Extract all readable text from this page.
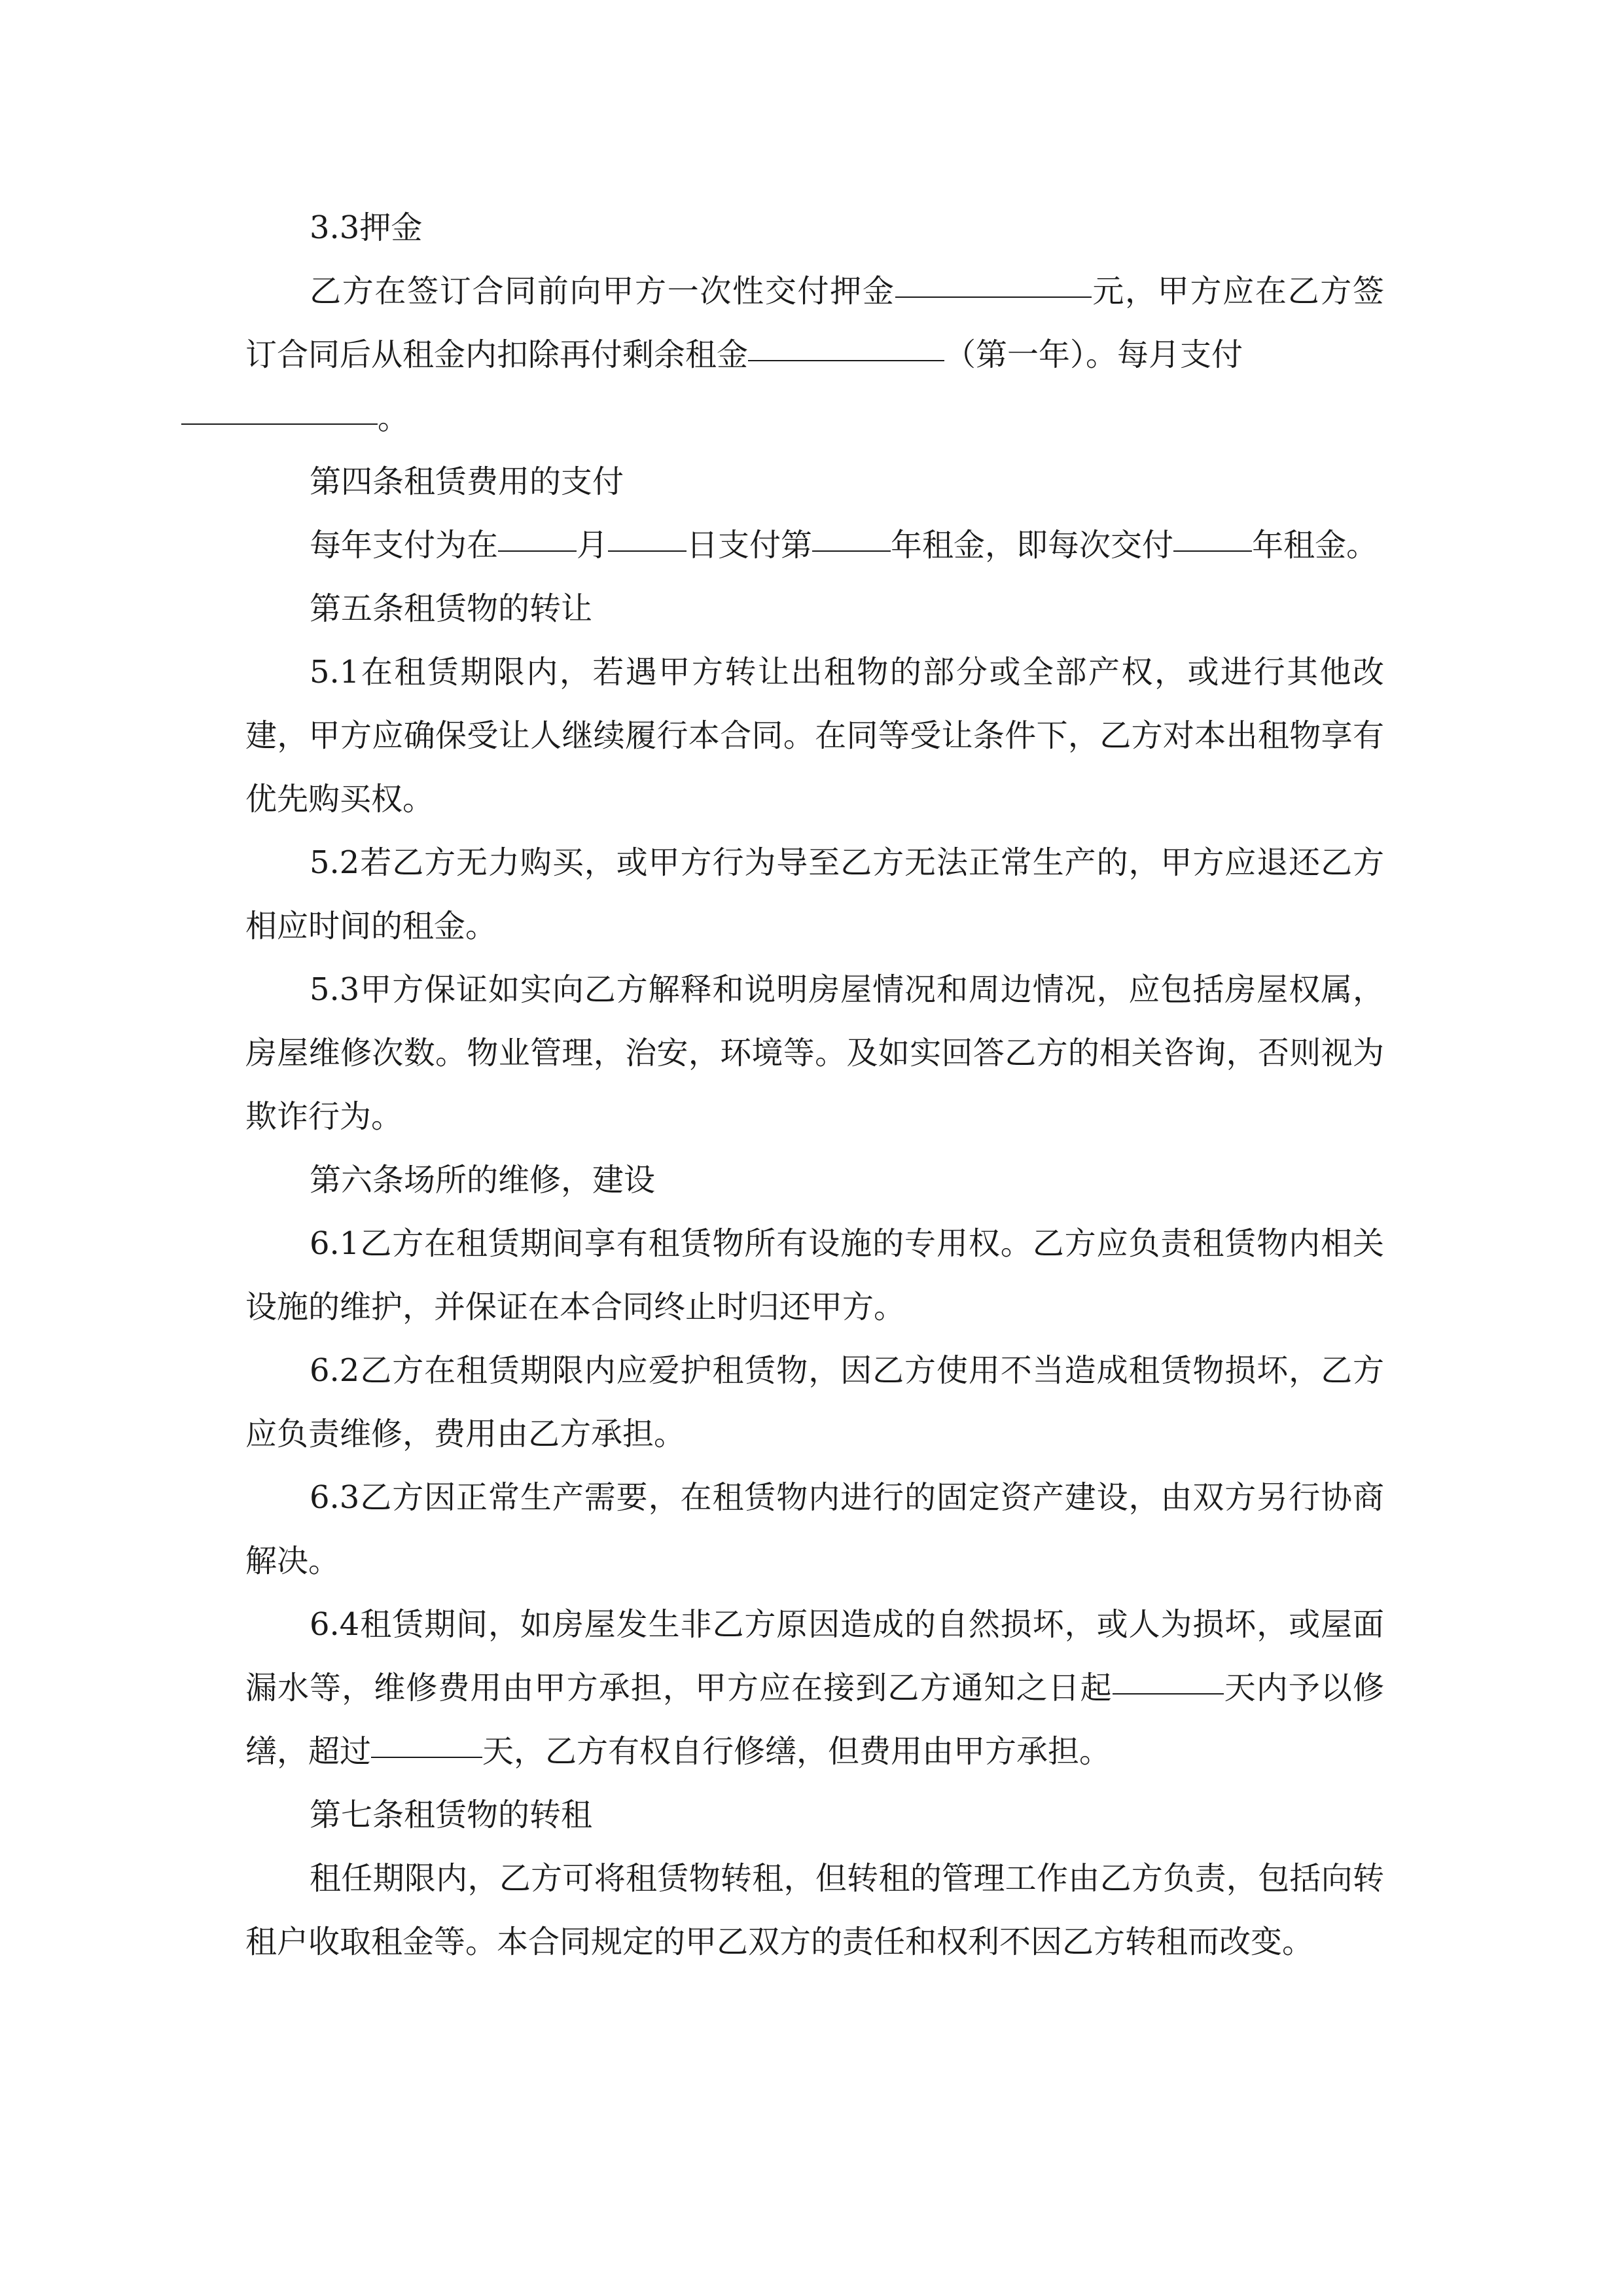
3.3押金

乙方在签订合同前向甲方一次性交付押金	元，甲方应在乙方签订合同后从租金内扣除再付剩余租金	（第一年）。每月支付
。

第四条租赁费用的支付

每年支付为在	月	日支付第	年租金，即每次交付	年租金。

第五条租赁物的转让

5.1在租赁期限内，若遇甲方转让出租物的部分或全部产权，或进行其他改建，甲方应确保受让人继续履行本合同。在同等受让条件下，乙方对本出租物享有优先购买权。

5.2若乙方无力购买，或甲方行为导至乙方无法正常生产的，甲方应退还乙方相应时间的租金。

5.3甲方保证如实向乙方解释和说明房屋情况和周边情况，应包括房屋权属，房屋维修次数。物业管理，治安，环境等。及如实回答乙方的相关咨询，否则视为欺诈行为。

第六条场所的维修，建设

6.1乙方在租赁期间享有租赁物所有设施的专用权。乙方应负责租赁物内相关设施的维护，并保证在本合同终止时归还甲方。

6.2乙方在租赁期限内应爱护租赁物，因乙方使用不当造成租赁物损坏，乙方应负责维修，费用由乙方承担。

6.3乙方因正常生产需要，在租赁物内进行的固定资产建设，由双方另行协商解决。

6.4租赁期间，如房屋发生非乙方原因造成的自然损坏，或人为损坏，或屋面漏水等，维修费用由甲方承担，甲方应在接到乙方通知之日起	天内予以修缮，超过	天，乙方有权自行修缮，但费用由甲方承担。

第七条租赁物的转租

租任期限内，乙方可将租赁物转租，但转租的管理工作由乙方负责，包括向转租户收取租金等。本合同规定的甲乙双方的责任和权利不因乙方转租而改变。
